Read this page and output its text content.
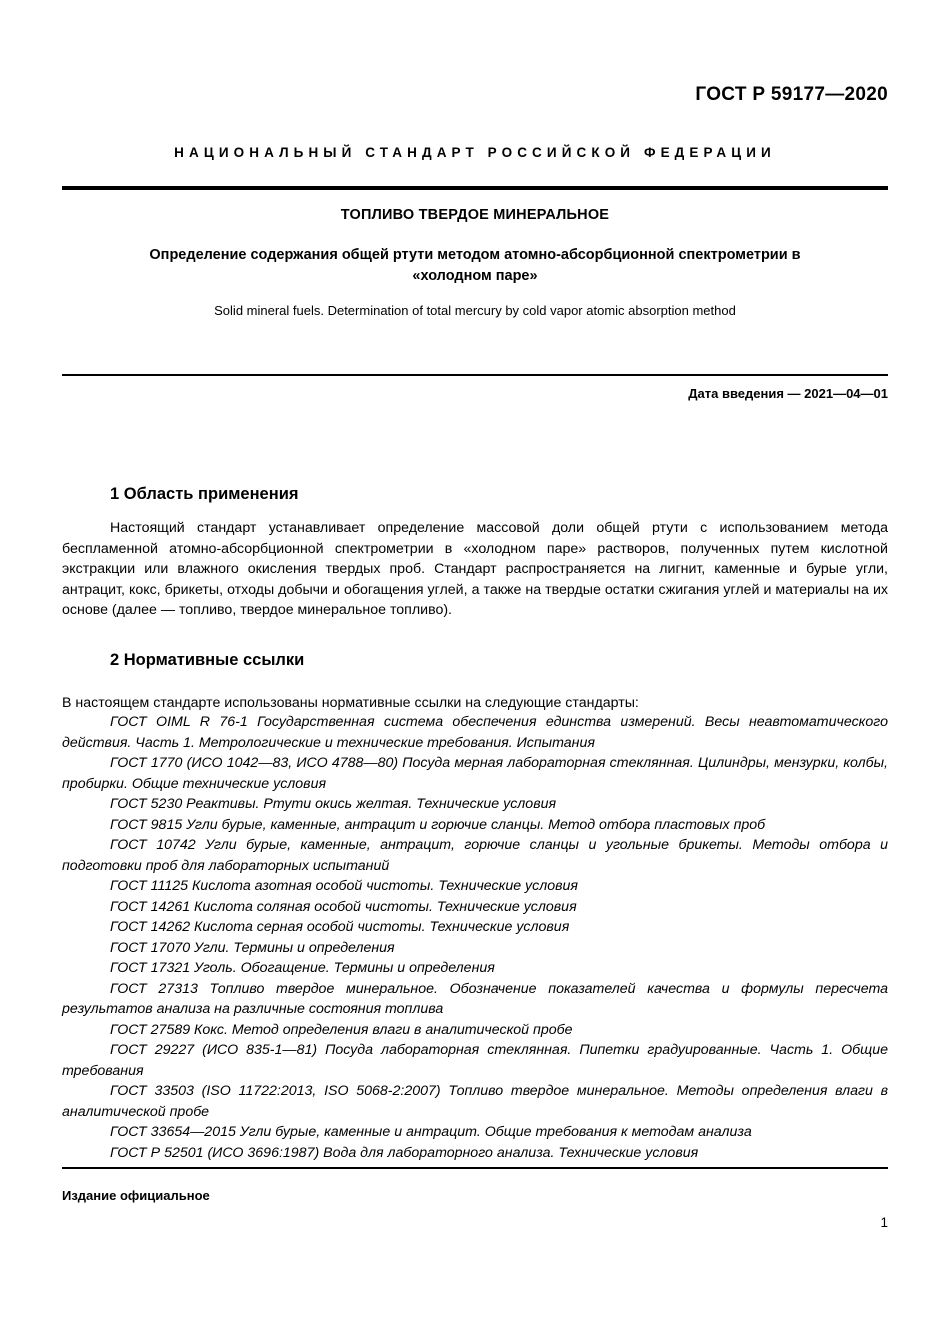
ГОСТ Р 59177—2020
НАЦИОНАЛЬНЫЙ СТАНДАРТ РОССИЙСКОЙ ФЕДЕРАЦИИ
ТОПЛИВО ТВЕРДОЕ МИНЕРАЛЬНОЕ
Определение содержания общей ртути методом атомно-абсорбционной спектрометрии в «холодном паре»
Solid mineral fuels. Determination of total mercury by cold vapor atomic absorption method
Дата введения — 2021—04—01
1 Область применения

Настоящий стандарт устанавливает определение массовой доли общей ртути с использованием метода беспламенной атомно-абсорбционной спектрометрии в «холодном паре» растворов, полученных путем кислотной экстракции или влажного окисления твердых проб. Стандарт распространяется на лигнит, каменные и бурые угли, антрацит, кокс, брикеты, отходы добычи и обогащения углей, а также на твердые остатки сжигания углей и материалы на их основе (далее — топливо, твердое минеральное топливо).

2 Нормативные ссылки

В настоящем стандарте использованы нормативные ссылки на следующие стандарты:

ГОСТ OIML R 76-1 Государственная система обеспечения единства измерений. Весы неавтоматического действия. Часть 1. Метрологические и технические требования. Испытания

ГОСТ 1770 (ИСО 1042—83, ИСО 4788—80) Посуда мерная лабораторная стеклянная. Цилиндры, мензурки, колбы, пробирки. Общие технические условия

ГОСТ 5230 Реактивы. Ртути окись желтая. Технические условия

ГОСТ 9815 Угли бурые, каменные, антрацит и горючие сланцы. Метод отбора пластовых проб

ГОСТ 10742 Угли бурые, каменные, антрацит, горючие сланцы и угольные брикеты. Методы отбора и подготовки проб для лабораторных испытаний

ГОСТ 11125 Кислота азотная особой чистоты. Технические условия

ГОСТ 14261 Кислота соляная особой чистоты. Технические условия

ГОСТ 14262 Кислота серная особой чистоты. Технические условия

ГОСТ 17070 Угли. Термины и определения

ГОСТ 17321 Уголь. Обогащение. Термины и определения

ГОСТ 27313 Топливо твердое минеральное. Обозначение показателей качества и формулы пересчета результатов анализа на различные состояния топлива

ГОСТ 27589 Кокс. Метод определения влаги в аналитической пробе

ГОСТ 29227 (ИСО 835-1—81) Посуда лабораторная стеклянная. Пипетки градуированные. Часть 1. Общие требования

ГОСТ 33503 (ISO 11722:2013, ISO 5068-2:2007) Топливо твердое минеральное. Методы определения влаги в аналитической пробе

ГОСТ 33654—2015 Угли бурые, каменные и антрацит. Общие требования к методам анализа

ГОСТ Р 52501 (ИСО 3696:1987) Вода для лабораторного анализа. Технические условия

Издание официальное
1
